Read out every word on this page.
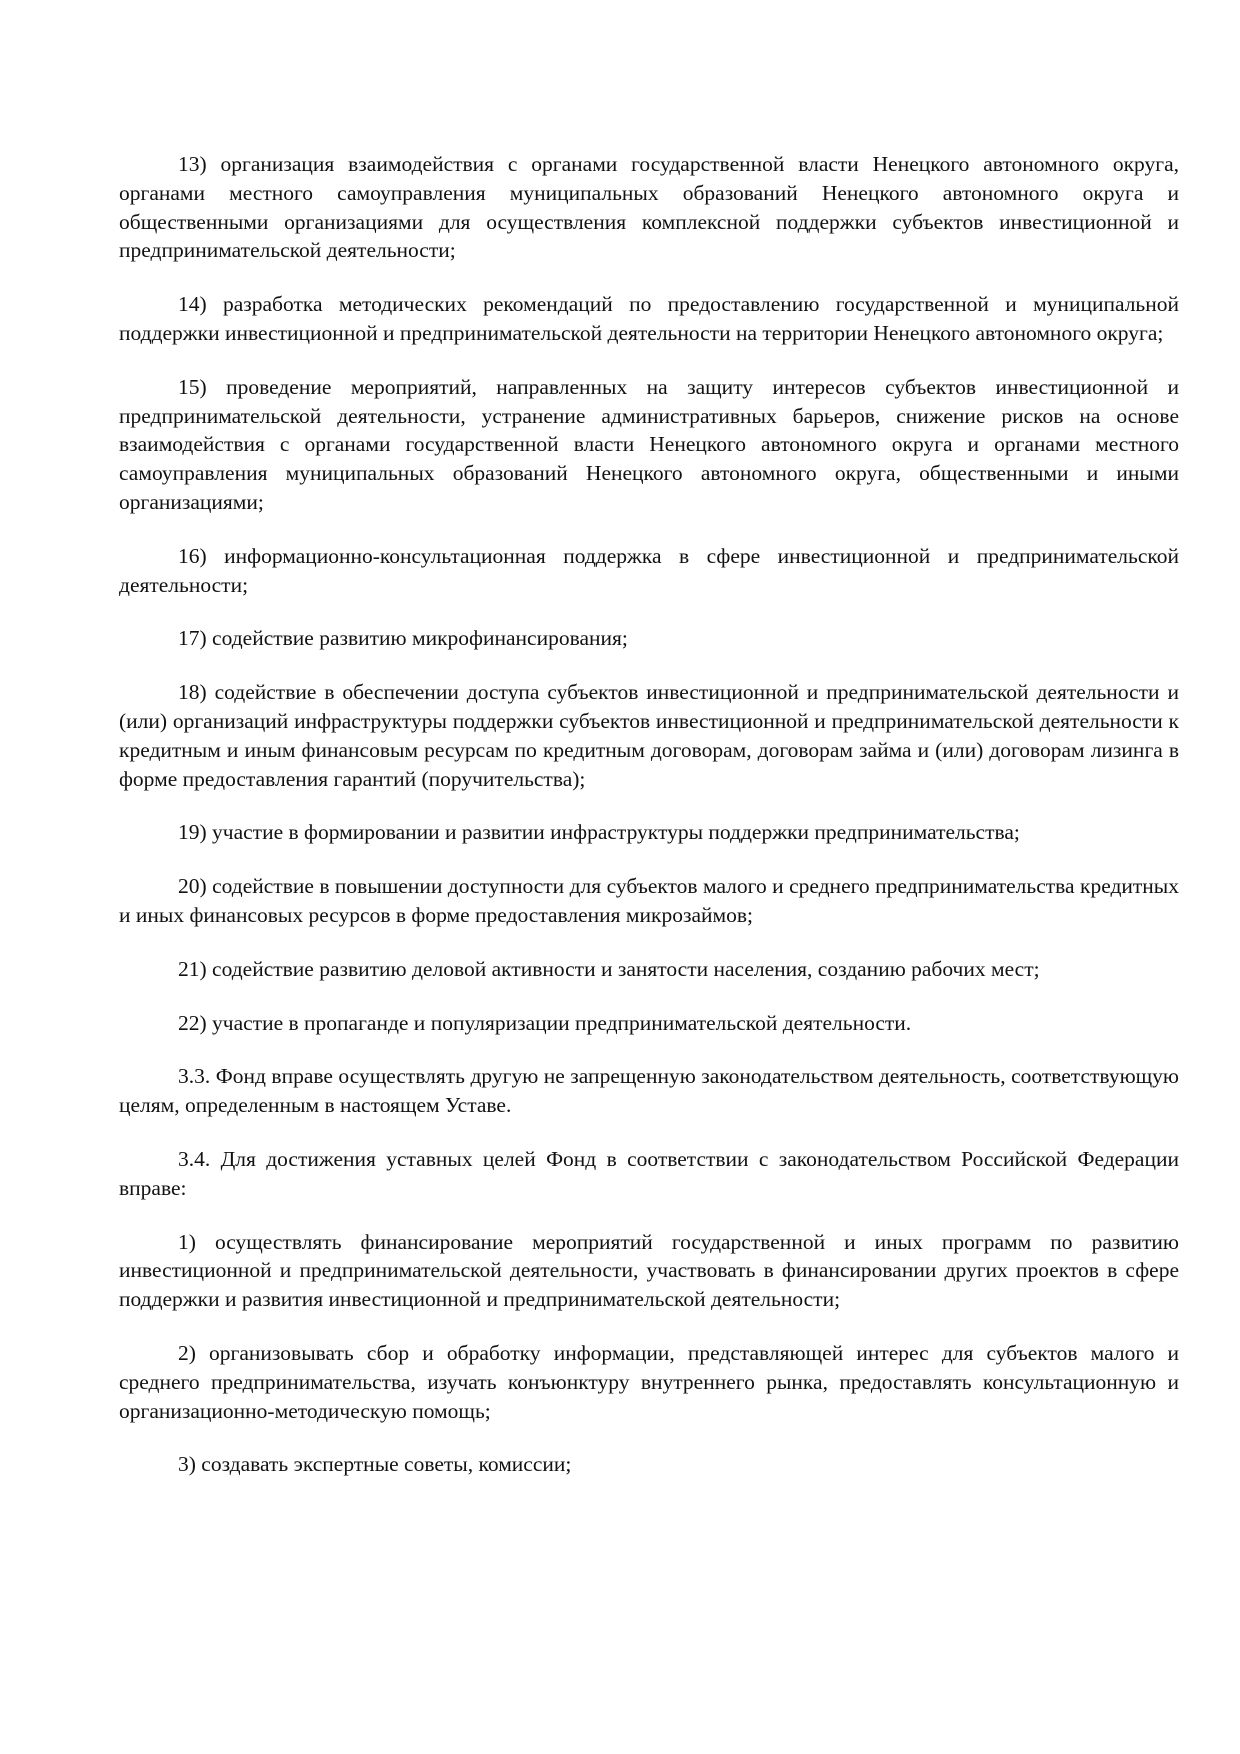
13) организация взаимодействия с органами государственной власти Ненецкого автономного округа, органами местного самоуправления муниципальных образований Ненецкого автономного округа и общественными организациями для осуществления комплексной поддержки субъектов инвестиционной и предпринимательской деятельности;

14) разработка методических рекомендаций по предоставлению государственной и муниципальной поддержки инвестиционной и предпринимательской деятельности на территории Ненецкого автономного округа;

15) проведение мероприятий, направленных на защиту интересов субъектов инвестиционной и предпринимательской деятельности, устранение административных барьеров, снижение рисков на основе взаимодействия с органами государственной власти Ненецкого автономного округа и органами местного самоуправления муниципальных образований Ненецкого автономного округа, общественными и иными организациями;

16) информационно-консультационная поддержка в сфере инвестиционной и предпринимательской деятельности;

17) содействие развитию микрофинансирования;

18) содействие в обеспечении доступа субъектов инвестиционной и предпринимательской деятельности и (или) организаций инфраструктуры поддержки субъектов инвестиционной и предпринимательской деятельности к кредитным и иным финансовым ресурсам по кредитным договорам, договорам займа и (или) договорам лизинга в форме предоставления гарантий (поручительства);

19) участие в формировании и развитии инфраструктуры поддержки предпринимательства;

20) содействие в повышении доступности для субъектов малого и среднего предпринимательства кредитных и иных финансовых ресурсов в форме предоставления микрозаймов;

21) содействие развитию деловой активности и занятости населения, созданию рабочих мест;

22) участие в пропаганде и популяризации предпринимательской деятельности.

3.3. Фонд вправе осуществлять другую не запрещенную законодательством деятельность, соответствующую целям, определенным в настоящем Уставе.

3.4. Для достижения уставных целей Фонд в соответствии с законодательством Российской Федерации вправе:

1) осуществлять финансирование мероприятий государственной и иных программ по развитию инвестиционной и предпринимательской деятельности, участвовать в финансировании других проектов в сфере поддержки и развития инвестиционной и предпринимательской деятельности;

2) организовывать сбор и обработку информации, представляющей интерес для субъектов малого и среднего предпринимательства, изучать конъюнктуру внутреннего рынка, предоставлять консультационную и организационно-методическую помощь;

3) создавать экспертные советы, комиссии;
